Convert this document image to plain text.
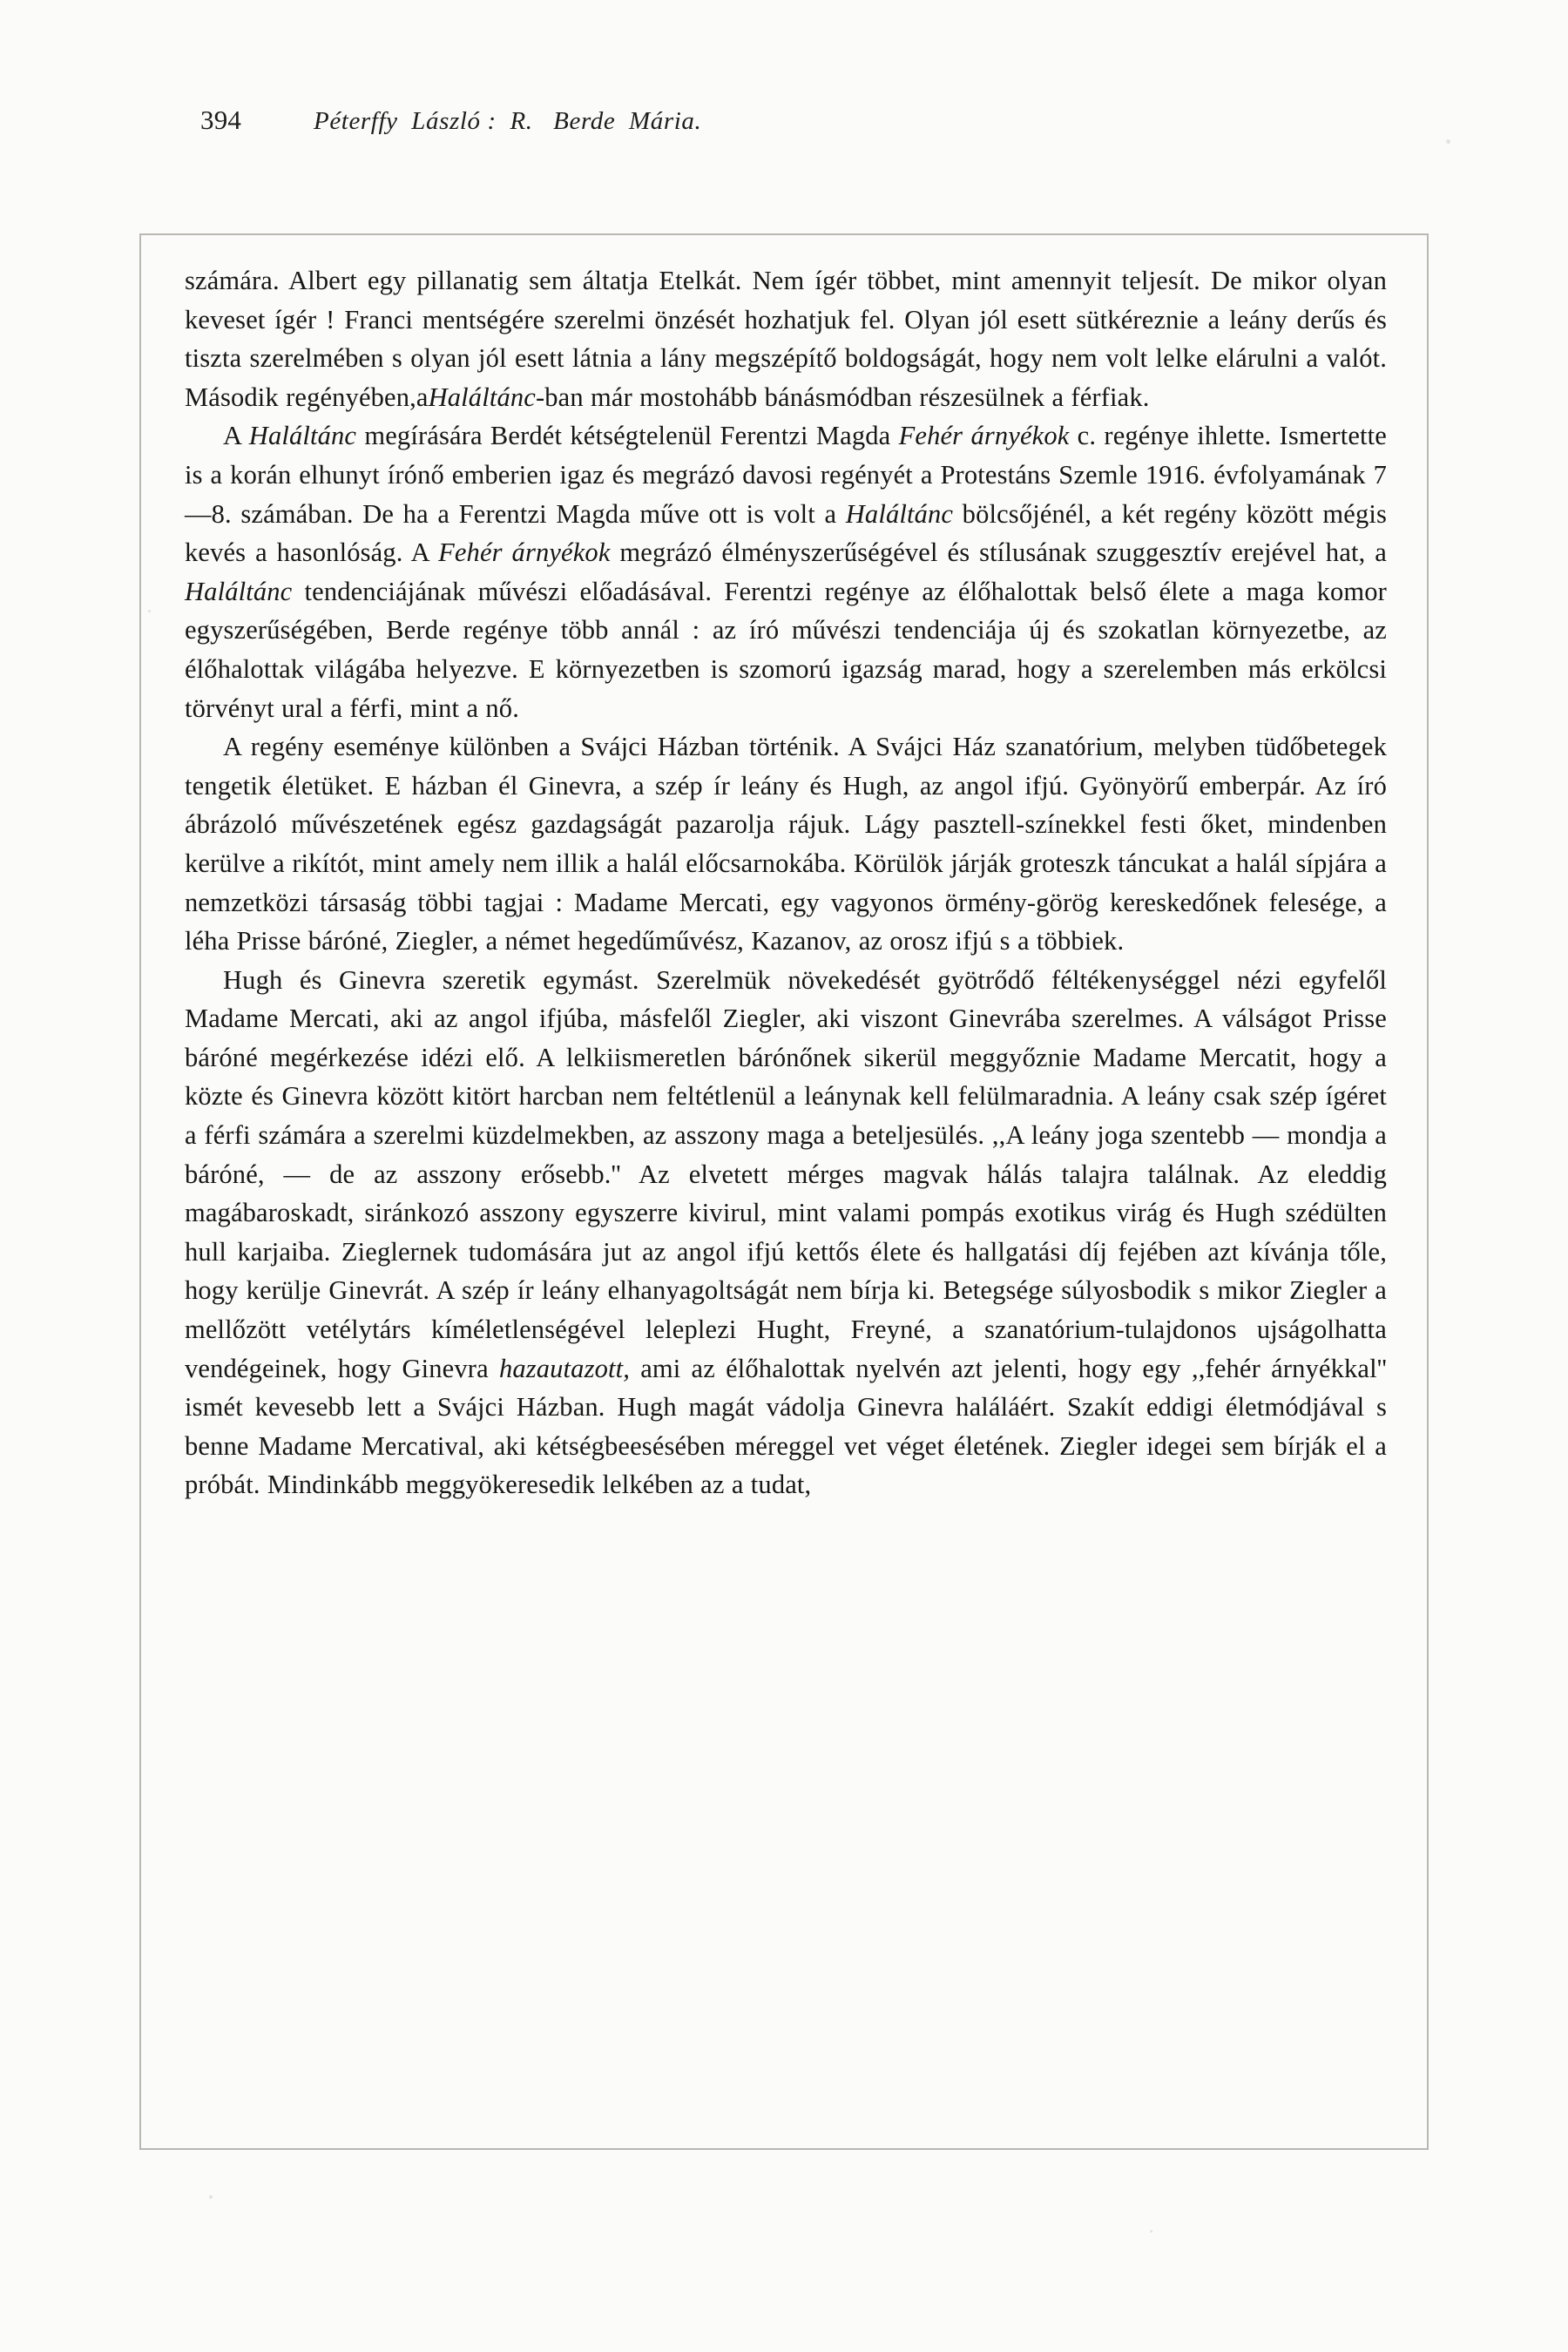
394	Péterffy  László :  R.   Berde  Mária.

számára. Albert egy pillanatig sem áltatja Etelkát. Nem ígér többet, mint amennyit teljesít. De mikor olyan keveset ígér ! Franci mentségére szerelmi önzését hozhatjuk fel. Olyan jól esett sütkéreznie a leány derűs és tiszta szerelmében s olyan jól esett látnia a lány megszépítő boldogságát, hogy nem volt lelke elárulni a valót. Második regényében,aHaláltánc-ban már mostohább bánásmódban részesülnek a férfiak.

A Haláltánc megírására Berdét kétségtelenül Ferentzi Magda Fehér árnyékok c. regénye ihlette. Ismertette is a korán elhunyt írónő emberien igaz és megrázó davosi regényét a Protestáns Szemle 1916. évfolyamának 7—8. számában. De ha a Ferentzi Magda műve ott is volt a Haláltánc bölcsőjénél, a két regény között mégis kevés a hasonlóság. A Fehér árnyékok megrázó élményszerűségével és stílusának szuggesztív erejével hat, a Haláltánc tendenciájának művészi előadásával. Ferentzi regénye az élőhalottak belső élete a maga komor egyszerűségében, Berde regénye több annál : az író művészi tendenciája új és szokatlan környezetbe, az élőhalottak világába helyezve. E környezetben is szomorú igazság marad, hogy a szerelemben más erkölcsi törvényt ural a férfi, mint a nő.

A regény eseménye különben a Svájci Házban történik. A Svájci Ház szanatórium, melyben tüdőbetegek tengetik életüket. E házban él Ginevra, a szép ír leány és Hugh, az angol ifjú. Gyönyörű emberpár. Az író ábrázoló művészetének egész gazdagságát pazarolja rájuk. Lágy pasztell-színekkel festi őket, mindenben kerülve a rikítót, mint amely nem illik a halál előcsarnokába. Körülök járják groteszk táncukat a halál sípjára a nemzetközi társaság többi tagjai : Madame Mercati, egy vagyonos örmény-görög kereskedőnek felesége, a léha Prisse báróné, Ziegler, a német hegedűművész, Kazanov, az orosz ifjú s a többiek.

Hugh és Ginevra szeretik egymást. Szerelmük növekedését gyötrődő féltékenységgel nézi egyfelől Madame Mercati, aki az angol ifjúba, másfelől Ziegler, aki viszont Ginevrába szerelmes. A válságot Prisse báróné megérkezése idézi elő. A lelkiismeretlen bárónőnek sikerül meggyőznie Madame Mercatit, hogy a közte és Ginevra között kitört harcban nem feltétlenül a leánynak kell felülmaradnia. A leány csak szép ígéret a férfi számára a szerelmi küzdelmekben, az asszony maga a beteljesülés. ,,A leány joga szentebb — mondja a báróné, — de az asszony erősebb.'' Az elvetett mérges magvak hálás talajra találnak. Az eleddig magábaroskadt, siránkozó asszony egyszerre kivirul, mint valami pompás exotikus virág és Hugh szédülten hull karjaiba. Zieglernek tudomására jut az angol ifjú kettős élete és hallgatási díj fejében azt kívánja tőle, hogy kerülje Ginevrát. A szép ír leány elhanyagoltságát nem bírja ki. Betegsége súlyosbodik s mikor Ziegler a mellőzött vetélytárs kíméletlenségével leleplezi Hught, Freyné, a szanatórium-tulajdonos ujságolhatta vendégeinek, hogy Ginevra hazautazott, ami az élőhalottak nyelvén azt jelenti, hogy egy ,,fehér árnyékkal'' ismét kevesebb lett a Svájci Házban. Hugh magát vádolja Ginevra haláláért. Szakít eddigi életmódjával s benne Madame Mercatival, aki kétségbeesésében méreggel vet véget életének. Ziegler idegei sem bírják el a próbát. Mindinkább meggyökeresedik lelkében az a tudat,
